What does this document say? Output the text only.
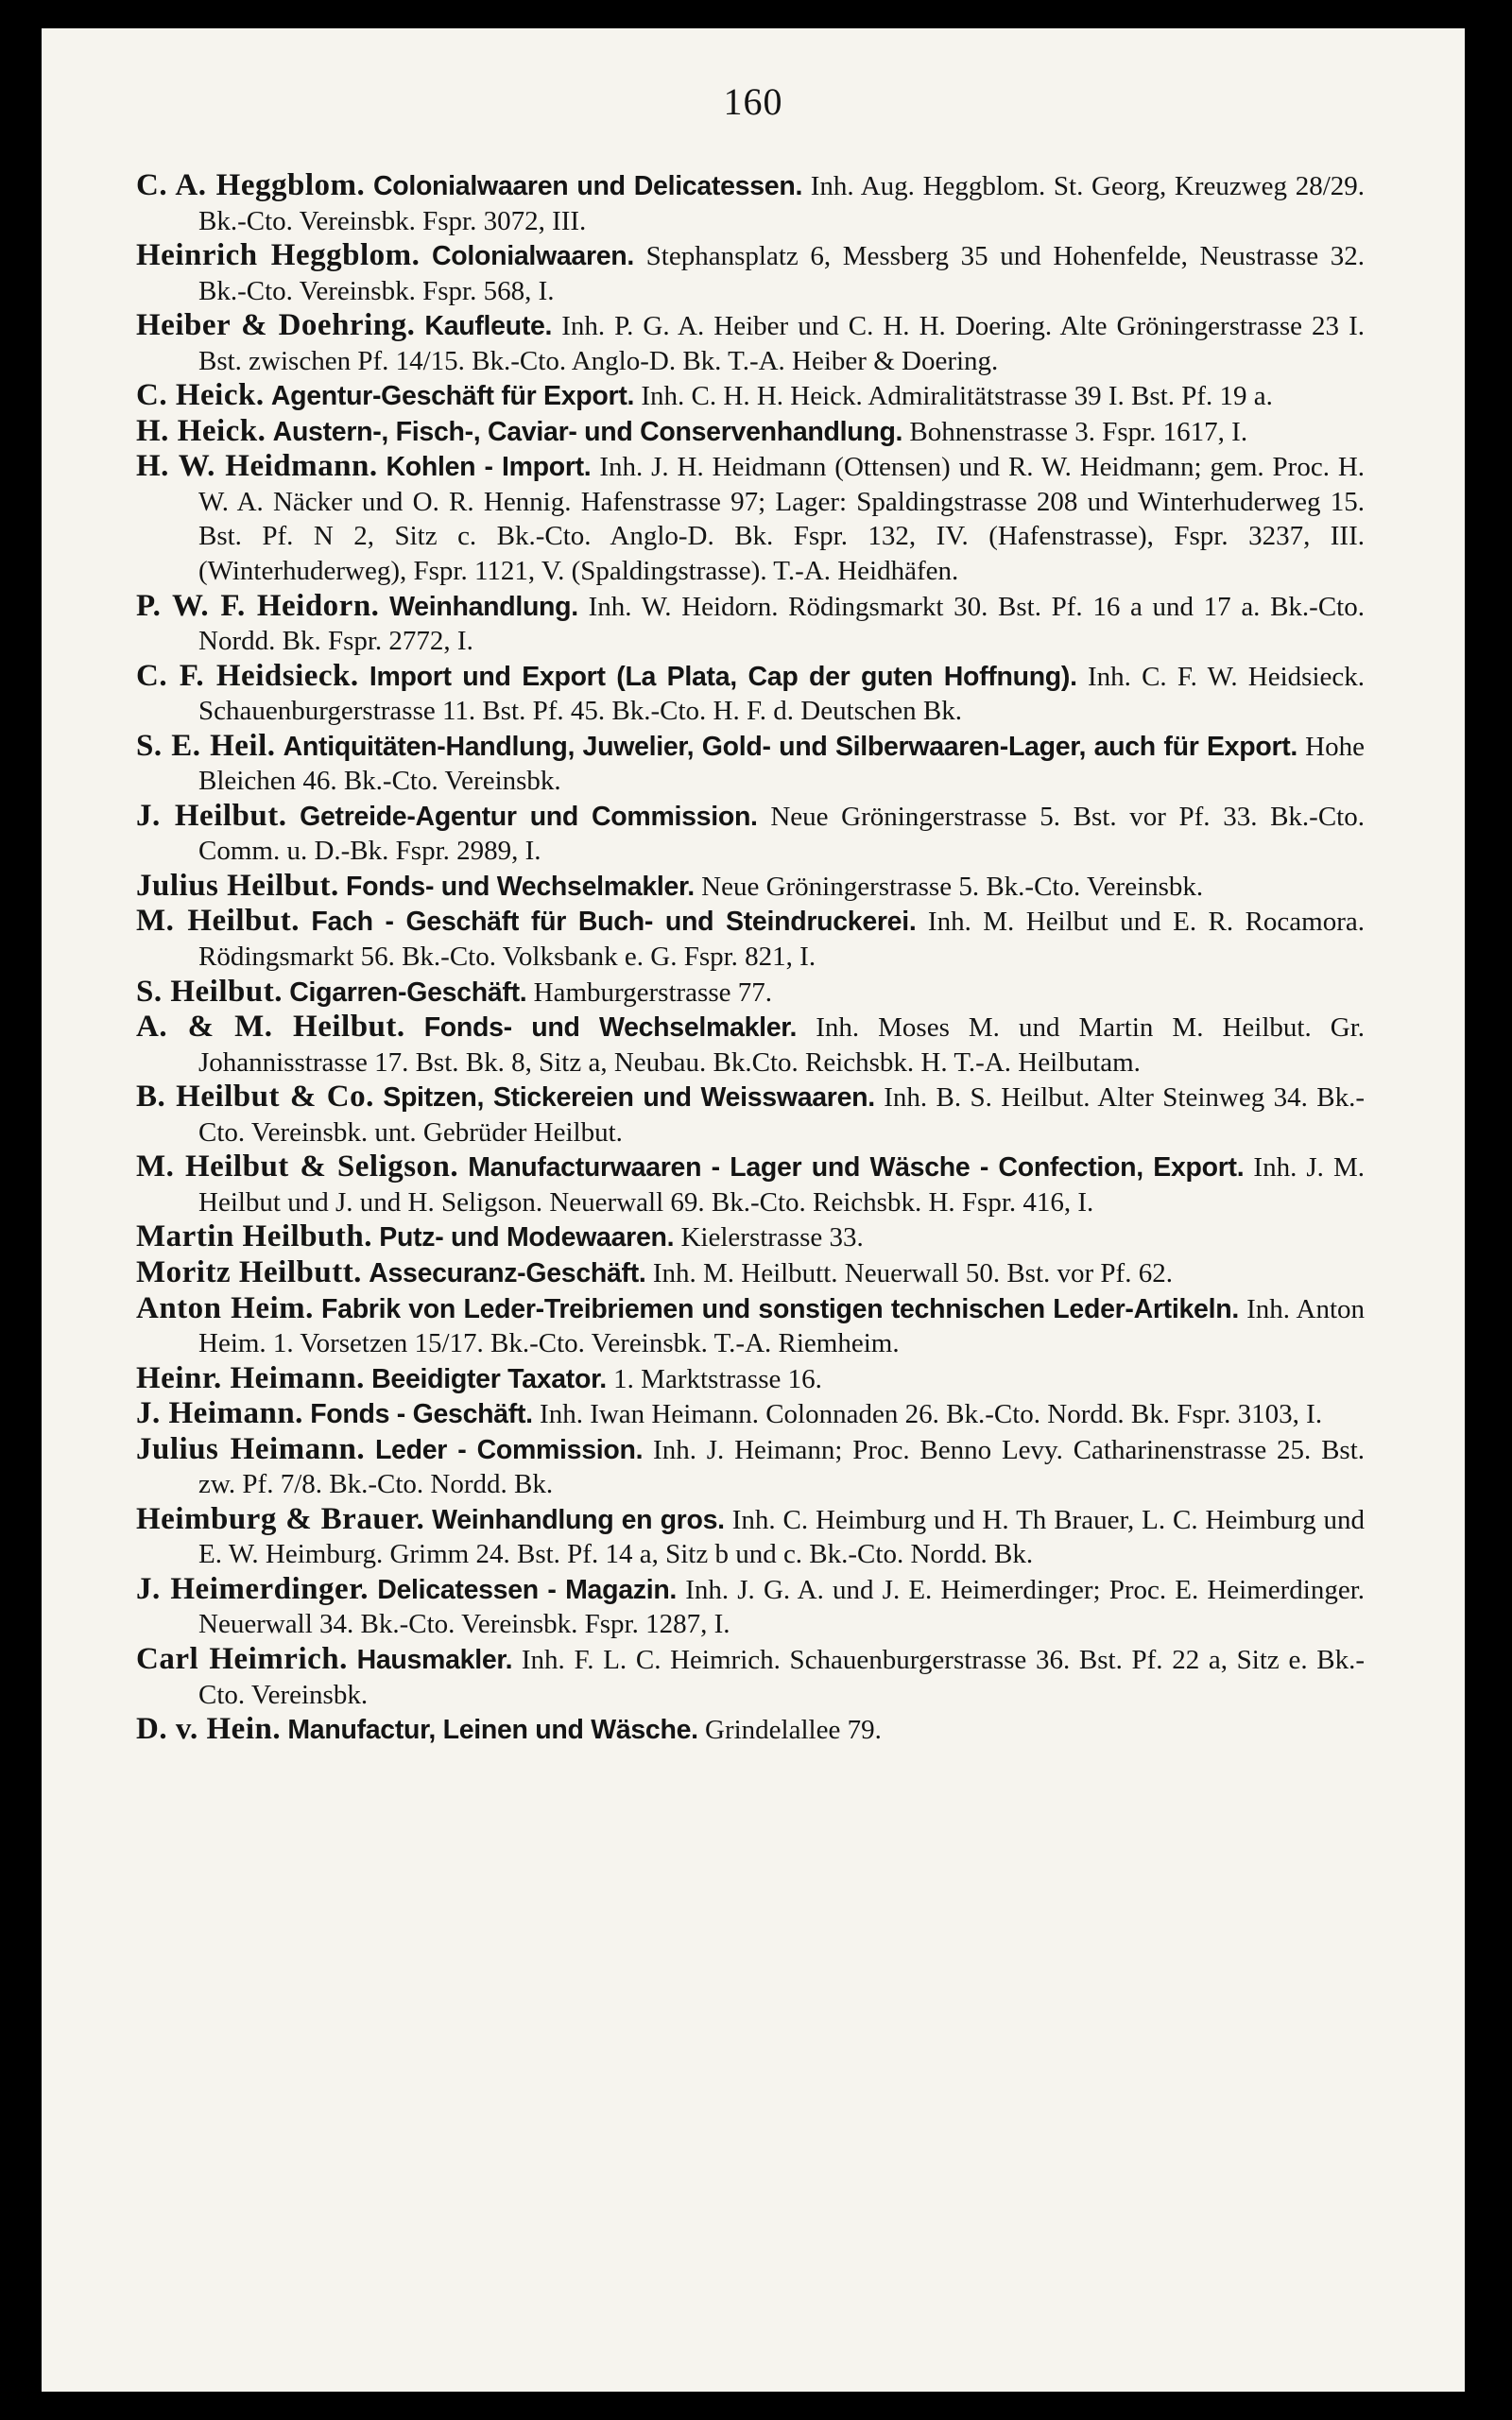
160

C. A. Heggblom. Colonialwaaren und Delicatessen. Inh. Aug. Heggblom. St. Georg, Kreuzweg 28/29. Bk.-Cto. Vereinsbk. Fspr. 3072, III.

Heinrich Heggblom. Colonialwaaren. Stephansplatz 6, Messberg 35 und Hohenfelde, Neustrasse 32. Bk.-Cto. Vereinsbk. Fspr. 568, I.

Heiber & Doehring. Kaufleute. Inh. P. G. A. Heiber und C. H. H. Doering. Alte Gröningerstrasse 23 I. Bst. zwischen Pf. 14/15. Bk.-Cto. Anglo-D. Bk. T.-A. Heiber & Doering.

C. Heick. Agentur-Geschäft für Export. Inh. C. H. H. Heick. Admiralitätstrasse 39 I. Bst. Pf. 19 a.

H. Heick. Austern-, Fisch-, Caviar- und Conservenhandlung. Bohnenstrasse 3. Fspr. 1617, I.

H. W. Heidmann. Kohlen - Import. Inh. J. H. Heidmann (Ottensen) und R. W. Heidmann; gem. Proc. H. W. A. Näcker und O. R. Hennig. Hafenstrasse 97; Lager: Spaldingstrasse 208 und Winterhuderweg 15. Bst. Pf. N 2, Sitz c. Bk.-Cto. Anglo-D. Bk. Fspr. 132, IV. (Hafenstrasse), Fspr. 3237, III. (Winterhuderweg), Fspr. 1121, V. (Spaldingstrasse). T.-A. Heidhäfen.

P. W. F. Heidorn. Weinhandlung. Inh. W. Heidorn. Rödingsmarkt 30. Bst. Pf. 16 a und 17 a. Bk.-Cto. Nordd. Bk. Fspr. 2772, I.

C. F. Heidsieck. Import und Export (La Plata, Cap der guten Hoffnung). Inh. C. F. W. Heidsieck. Schauenburgerstrasse 11. Bst. Pf. 45. Bk.-Cto. H. F. d. Deutschen Bk.

S. E. Heil. Antiquitäten-Handlung, Juwelier, Gold- und Silberwaaren-Lager, auch für Export. Hohe Bleichen 46. Bk.-Cto. Vereinsbk.

J. Heilbut. Getreide-Agentur und Commission. Neue Gröningerstrasse 5. Bst. vor Pf. 33. Bk.-Cto. Comm. u. D.-Bk. Fspr. 2989, I.

Julius Heilbut. Fonds- und Wechselmakler. Neue Gröningerstrasse 5. Bk.-Cto. Vereinsbk.

M. Heilbut. Fach - Geschäft für Buch- und Steindruckerei. Inh. M. Heilbut und E. R. Rocamora. Rödingsmarkt 56. Bk.-Cto. Volksbank e. G. Fspr. 821, I.

S. Heilbut. Cigarren-Geschäft. Hamburgerstrasse 77.

A. & M. Heilbut. Fonds- und Wechselmakler. Inh. Moses M. und Martin M. Heilbut. Gr. Johannisstrasse 17. Bst. Bk. 8, Sitz a, Neubau. Bk.Cto. Reichsbk. H. T.-A. Heilbutam.

B. Heilbut & Co. Spitzen, Stickereien und Weisswaaren. Inh. B. S. Heilbut. Alter Steinweg 34. Bk.-Cto. Vereinsbk. unt. Gebrüder Heilbut.

M. Heilbut & Seligson. Manufacturwaaren - Lager und Wäsche - Confection, Export. Inh. J. M. Heilbut und J. und H. Seligson. Neuerwall 69. Bk.-Cto. Reichsbk. H. Fspr. 416, I.

Martin Heilbuth. Putz- und Modewaaren. Kielerstrasse 33.

Moritz Heilbutt. Assecuranz-Geschäft. Inh. M. Heilbutt. Neuerwall 50. Bst. vor Pf. 62.

Anton Heim. Fabrik von Leder-Treibriemen und sonstigen technischen Leder-Artikeln. Inh. Anton Heim. 1. Vorsetzen 15/17. Bk.-Cto. Vereinsbk. T.-A. Riemheim.

Heinr. Heimann. Beeidigter Taxator. 1. Marktstrasse 16.

J. Heimann. Fonds - Geschäft. Inh. Iwan Heimann. Colonnaden 26. Bk.-Cto. Nordd. Bk. Fspr. 3103, I.

Julius Heimann. Leder - Commission. Inh. J. Heimann; Proc. Benno Levy. Catharinenstrasse 25. Bst. zw. Pf. 7/8. Bk.-Cto. Nordd. Bk.

Heimburg & Brauer. Weinhandlung en gros. Inh. C. Heimburg und H. Th Brauer, L. C. Heimburg und E. W. Heimburg. Grimm 24. Bst. Pf. 14 a, Sitz b und c. Bk.-Cto. Nordd. Bk.

J. Heimerdinger. Delicatessen - Magazin. Inh. J. G. A. und J. E. Heimerdinger; Proc. E. Heimerdinger. Neuerwall 34. Bk.-Cto. Vereinsbk. Fspr. 1287, I.

Carl Heimrich. Hausmakler. Inh. F. L. C. Heimrich. Schauenburgerstrasse 36. Bst. Pf. 22 a, Sitz e. Bk.-Cto. Vereinsbk.

D. v. Hein. Manufactur, Leinen und Wäsche. Grindelallee 79.
